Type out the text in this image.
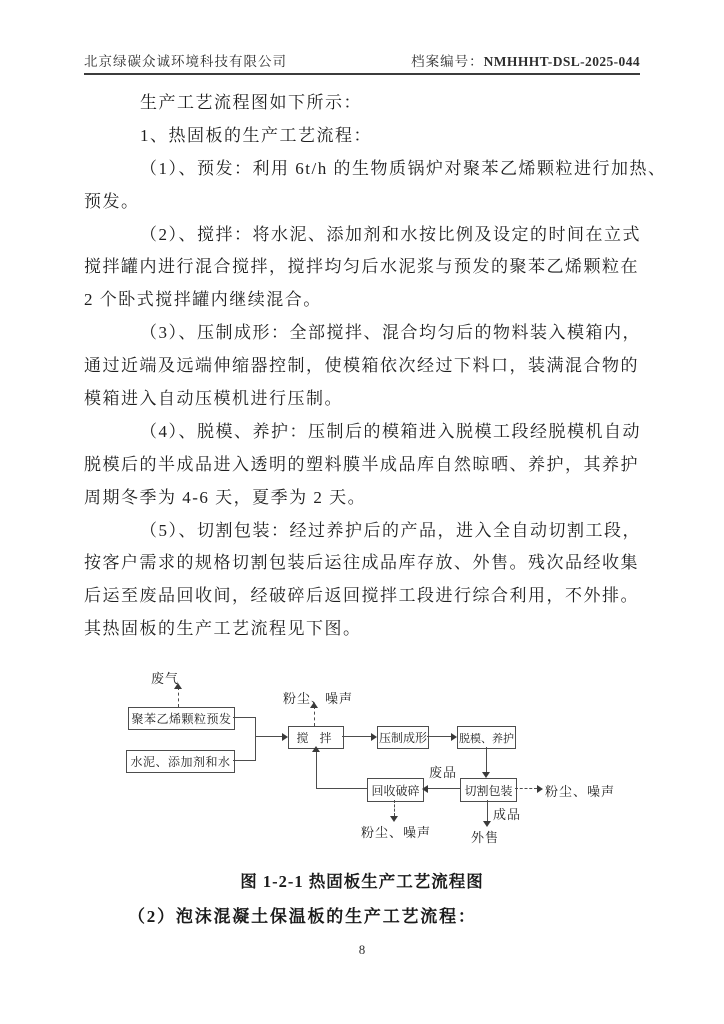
北京绿碳众诚环境科技有限公司	档案编号：NMHHHT-DSL-2025-044
生产工艺流程图如下所示：
1、热固板的生产工艺流程：
（1）、预发：利用 6t/h 的生物质锅炉对聚苯乙烯颗粒进行加热、
预发。
（2）、搅拌：将水泥、添加剂和水按比例及设定的时间在立式
搅拌罐内进行混合搅拌，搅拌均匀后水泥浆与预发的聚苯乙烯颗粒在
2 个卧式搅拌罐内继续混合。
（3）、压制成形：全部搅拌、混合均匀后的物料装入模箱内，
通过近端及远端伸缩器控制，使模箱依次经过下料口，装满混合物的
模箱进入自动压模机进行压制。
（4）、脱模、养护：压制后的模箱进入脱模工段经脱模机自动
脱模后的半成品进入透明的塑料膜半成品库自然晾晒、养护，其养护
周期冬季为 4-6 天，夏季为 2 天。
（5）、切割包装：经过养护后的产品，进入全自动切割工段，
按客户需求的规格切割包装后运往成品库存放、外售。残次品经收集
后运至废品回收间，经破碎后返回搅拌工段进行综合利用，不外排。
其热固板的生产工艺流程见下图。
废气
粉尘、噪声
粉尘、噪声
粉尘、噪声
废品
成品
外售
聚苯乙烯颗粒预发
水泥、添加剂和水
搅 拌	压制成形	脱模、养护
切割包装
回收破碎
图 1-2-1 热固板生产工艺流程图
（2）泡沫混凝土保温板的生产工艺流程：
8
